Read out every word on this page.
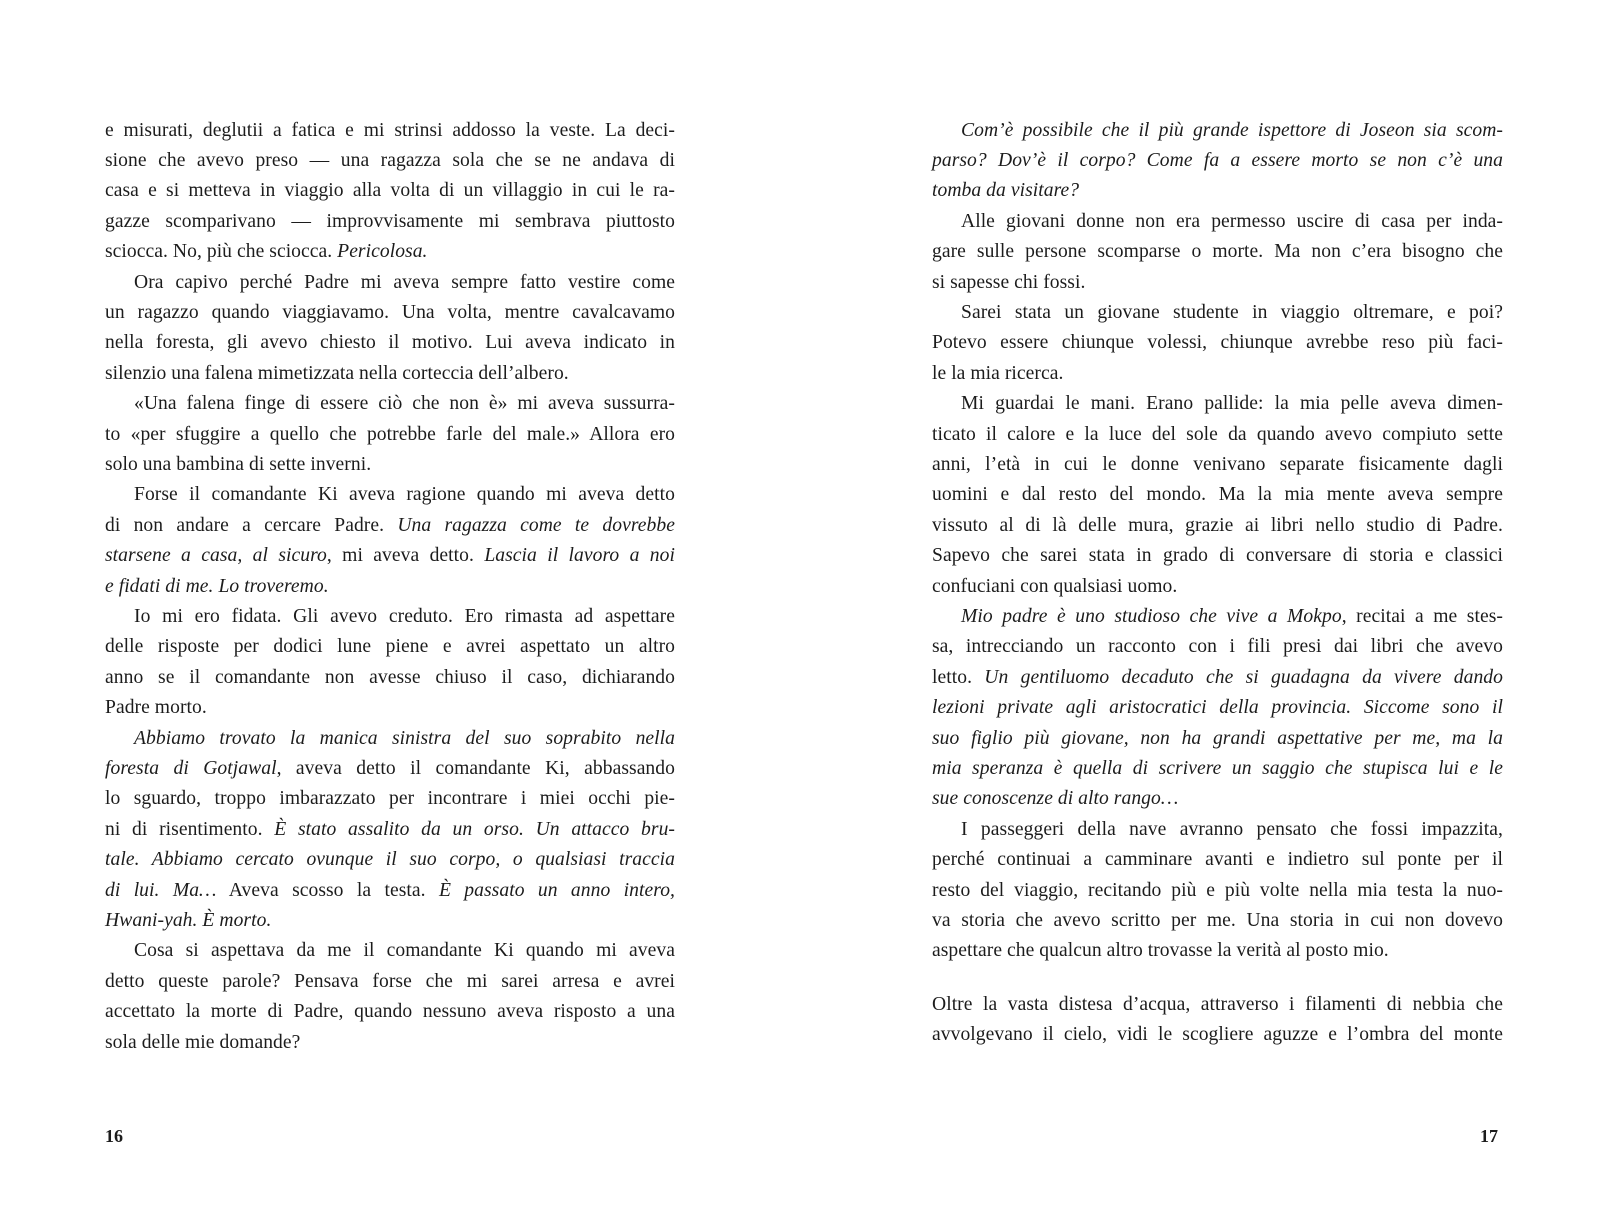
e misurati, deglutii a fatica e mi strinsi addosso la veste. La deci-
sione che avevo preso — una ragazza sola che se ne andava di
casa e si metteva in viaggio alla volta di un villaggio in cui le ra-
gazze scomparivano — improvvisamente mi sembrava piuttosto
sciocca. No, più che sciocca. Pericolosa.
Ora capivo perché Padre mi aveva sempre fatto vestire come
un ragazzo quando viaggiavamo. Una volta, mentre cavalcavamo
nella foresta, gli avevo chiesto il motivo. Lui aveva indicato in
silenzio una falena mimetizzata nella corteccia dell’albero.
«Una falena finge di essere ciò che non è» mi aveva sussurra-
to «per sfuggire a quello che potrebbe farle del male.» Allora ero
solo una bambina di sette inverni.
Forse il comandante Ki aveva ragione quando mi aveva detto
di non andare a cercare Padre. Una ragazza come te dovrebbe
starsene a casa, al sicuro, mi aveva detto. Lascia il lavoro a noi
e fidati di me. Lo troveremo.
Io mi ero fidata. Gli avevo creduto. Ero rimasta ad aspettare
delle risposte per dodici lune piene e avrei aspettato un altro
anno se il comandante non avesse chiuso il caso, dichiarando
Padre morto.
Abbiamo trovato la manica sinistra del suo soprabito nella
foresta di Gotjawal, aveva detto il comandante Ki, abbassando
lo sguardo, troppo imbarazzato per incontrare i miei occhi pie-
ni di risentimento. È stato assalito da un orso. Un attacco bru-
tale. Abbiamo cercato ovunque il suo corpo, o qualsiasi traccia
di lui. Ma… Aveva scosso la testa. È passato un anno intero,
Hwani-yah. È morto.
Cosa si aspettava da me il comandante Ki quando mi aveva
detto queste parole? Pensava forse che mi sarei arresa e avrei
accettato la morte di Padre, quando nessuno aveva risposto a una
sola delle mie domande?
16
Com’è possibile che il più grande ispettore di Joseon sia scom-
parso? Dov’è il corpo? Come fa a essere morto se non c’è una
tomba da visitare?
Alle giovani donne non era permesso uscire di casa per inda-
gare sulle persone scomparse o morte. Ma non c’era bisogno che
si sapesse chi fossi.
Sarei stata un giovane studente in viaggio oltremare, e poi?
Potevo essere chiunque volessi, chiunque avrebbe reso più faci-
le la mia ricerca.
Mi guardai le mani. Erano pallide: la mia pelle aveva dimen-
ticato il calore e la luce del sole da quando avevo compiuto sette
anni, l’età in cui le donne venivano separate fisicamente dagli
uomini e dal resto del mondo. Ma la mia mente aveva sempre
vissuto al di là delle mura, grazie ai libri nello studio di Padre.
Sapevo che sarei stata in grado di conversare di storia e classici
confuciani con qualsiasi uomo.
Mio padre è uno studioso che vive a Mokpo, recitai a me stes-
sa, intrecciando un racconto con i fili presi dai libri che avevo
letto. Un gentiluomo decaduto che si guadagna da vivere dando
lezioni private agli aristocratici della provincia. Siccome sono il
suo figlio più giovane, non ha grandi aspettative per me, ma la
mia speranza è quella di scrivere un saggio che stupisca lui e le
sue conoscenze di alto rango…
I passeggeri della nave avranno pensato che fossi impazzita,
perché continuai a camminare avanti e indietro sul ponte per il
resto del viaggio, recitando più e più volte nella mia testa la nuo-
va storia che avevo scritto per me. Una storia in cui non dovevo
aspettare che qualcun altro trovasse la verità al posto mio.
Oltre la vasta distesa d’acqua, attraverso i filamenti di nebbia che
avvolgevano il cielo, vidi le scogliere aguzze e l’ombra del monte
17
